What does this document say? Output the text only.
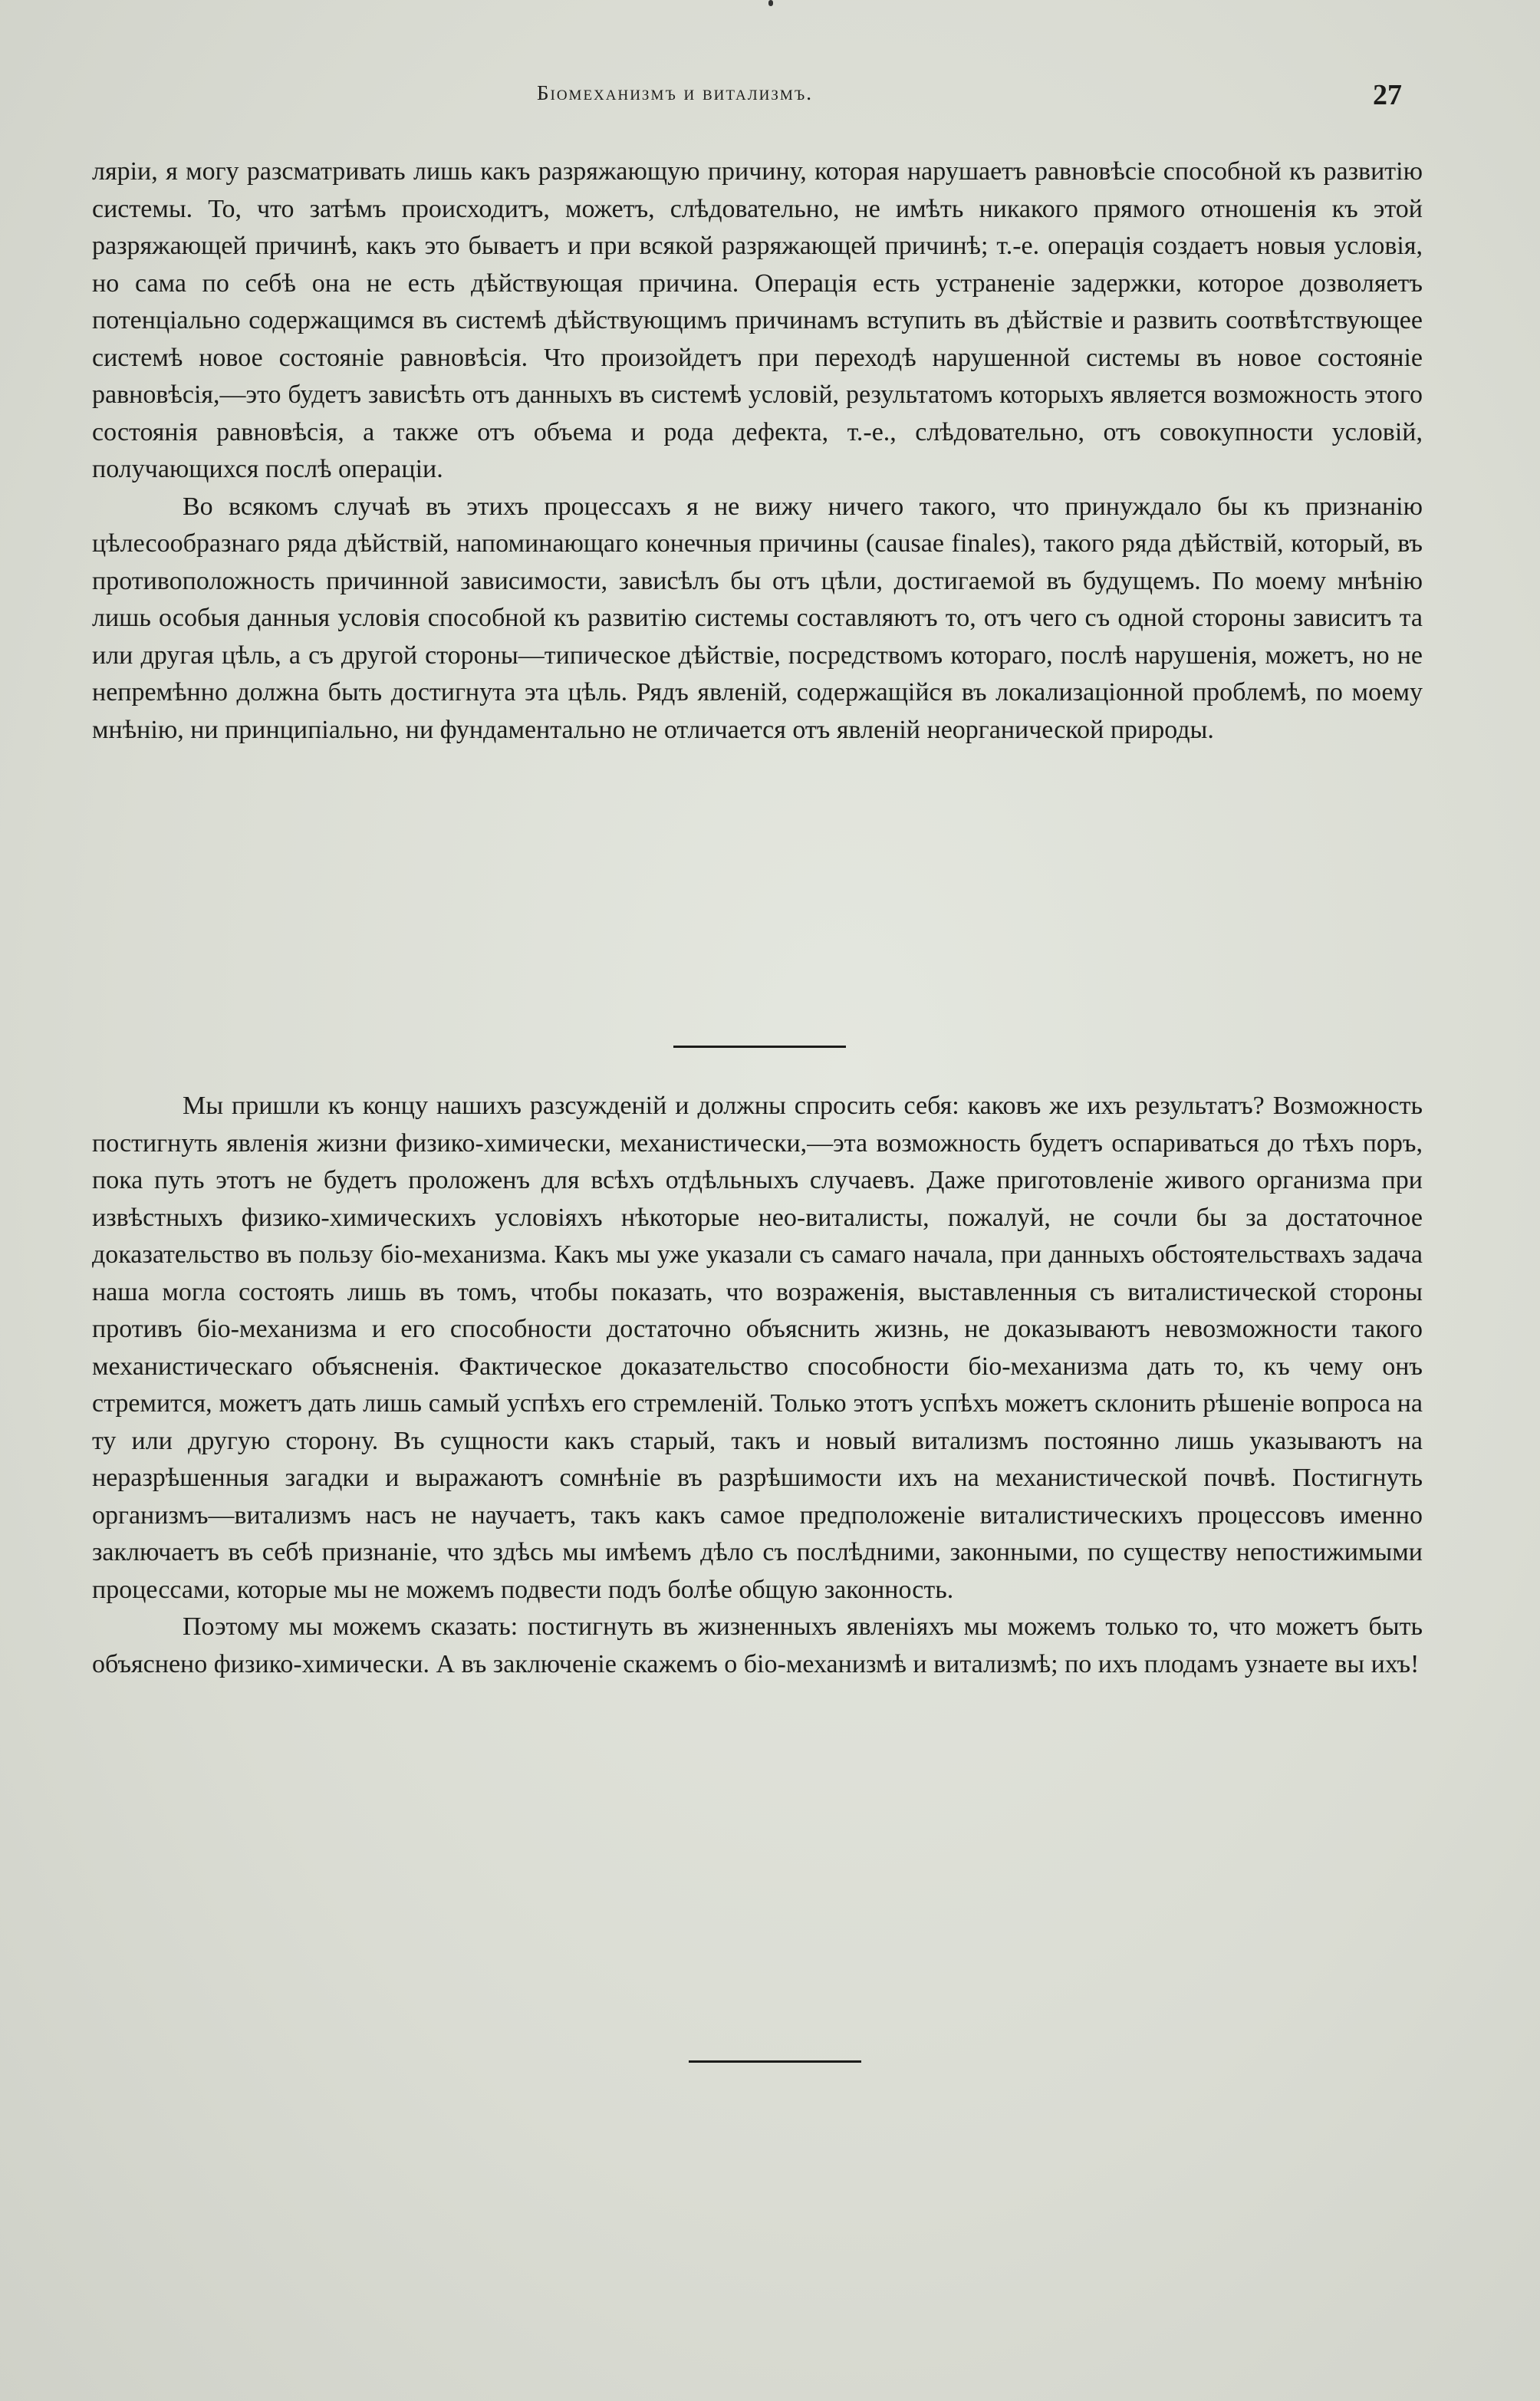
Біомеханизмъ и витализмъ.	27

ляріи, я могу разсматривать лишь какъ разряжающую причину, которая нарушаетъ равновѣсіе способной къ развитію системы. То, что затѣмъ происходитъ, можетъ, слѣдовательно, не имѣть никакого прямого отношенія къ этой разряжающей причинѣ, какъ это бываетъ и при всякой разряжающей причинѣ; т.-е. операція создаетъ новыя условія, но сама по себѣ она не есть дѣйствующая причина. Операція есть устраненіе задержки, которое дозволяетъ потенціально содержащимся въ системѣ дѣйствующимъ причинамъ вступить въ дѣйствіе и развить соотвѣтствующее системѣ новое состояніе равновѣсія. Что произойдетъ при переходѣ нарушенной системы въ новое состояніе равновѣсія,—это будетъ зависѣть отъ данныхъ въ системѣ условій, результатомъ которыхъ является возможность этого состоянія равновѣсія, а также отъ объема и рода дефекта, т.-е., слѣдовательно, отъ совокупности условій, получающихся послѣ операціи.

Во всякомъ случаѣ въ этихъ процессахъ я не вижу ничего такого, что принуждало бы къ признанію цѣлесообразнаго ряда дѣйствій, напоминающаго конечныя причины (causae finales), такого ряда дѣйствій, который, въ противоположность причинной зависимости, зависѣлъ бы отъ цѣли, достигаемой въ будущемъ. По моему мнѣнію лишь особыя данныя условія способной къ развитію системы составляютъ то, отъ чего съ одной стороны зависитъ та или другая цѣль, а съ другой стороны—типическое дѣйствіе, посредствомъ котораго, послѣ нарушенія, можетъ, но не непремѣнно должна быть достигнута эта цѣль. Рядъ явленій, содержащійся въ локализаціонной проблемѣ, по моему мнѣнію, ни принципіально, ни фундаментально не отличается отъ явленій неорганической природы.

Мы пришли къ концу нашихъ разсужденій и должны спросить себя: каковъ же ихъ результатъ? Возможность постигнуть явленія жизни физико-химически, механистически,—эта возможность будетъ оспариваться до тѣхъ поръ, пока путь этотъ не будетъ проложенъ для всѣхъ отдѣльныхъ случаевъ. Даже приготовленіе живого организма при извѣстныхъ физико-химическихъ условіяхъ нѣкоторые нео-виталисты, пожалуй, не сочли бы за достаточное доказательство въ пользу біо-механизма. Какъ мы уже указали съ самаго начала, при данныхъ обстоятельствахъ задача наша могла состоять лишь въ томъ, чтобы показать, что возраженія, выставленныя съ виталистической стороны противъ біо-механизма и его способности достаточно объяснить жизнь, не доказываютъ невозможности такого механистическаго объясненія. Фактическое доказательство способности біо-механизма дать то, къ чему онъ стремится, можетъ дать лишь самый успѣхъ его стремленій. Только этотъ успѣхъ можетъ склонить рѣшеніе вопроса на ту или другую сторону. Въ сущности какъ старый, такъ и новый витализмъ постоянно лишь указываютъ на неразрѣшенныя загадки и выражаютъ сомнѣніе въ разрѣшимости ихъ на механистической почвѣ. Постигнуть организмъ—витализмъ насъ не научаетъ, такъ какъ самое предположеніе виталистическихъ процессовъ именно заключаетъ въ себѣ признаніе, что здѣсь мы имѣемъ дѣло съ послѣдними, законными, по существу непостижимыми процессами, которые мы не можемъ подвести подъ болѣе общую законность.

Поэтому мы можемъ сказать: постигнуть въ жизненныхъ явленіяхъ мы можемъ только то, что можетъ быть объяснено физико-химически. А въ заключеніе скажемъ о біо-механизмѣ и витализмѣ; по ихъ плодамъ узнаете вы ихъ!
